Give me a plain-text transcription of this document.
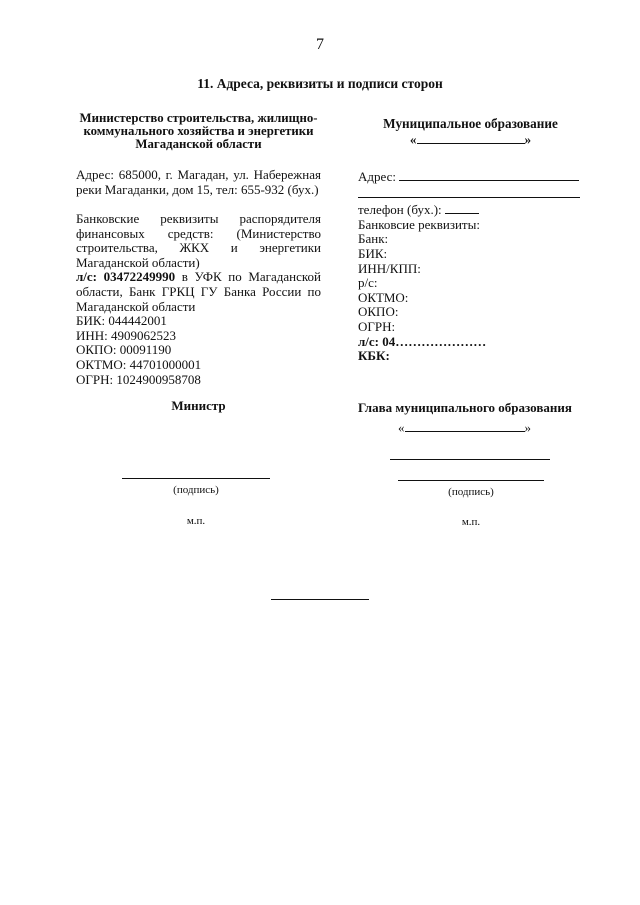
7
11. Адреса, реквизиты и подписи сторон
Министерство строительства, жилищно-коммунального хозяйства и энергетики Магаданской области
Адрес: 685000, г. Магадан, ул. Набережная реки Магаданки, дом 15, тел: 655-932 (бух.)

Банковские реквизиты распорядителя

финансовых средств: (Министерство

строительства, ЖКХ и энергетики

Магаданской области)

л/с: 03472249990 в УФК по Магаданской области, Банк ГРКЦ ГУ Банка России по Магаданской области

БИК: 044442001

ИНН: 4909062523

ОКПО: 00091190

ОКТМО: 44701000001

ОГРН: 1024900958708

Министр
(подпись)
м.п.
Муниципальное образование
«	»
Адрес:
телефон (бух.):
Банковсие реквизиты:
Банк:
БИК:
ИНН/КПП:
р/с:
ОКТМО:
ОКПО:
ОГРН:
л/с: 04…………………
КБК:
Глава муниципального образования
«	»
(подпись)
м.п.
